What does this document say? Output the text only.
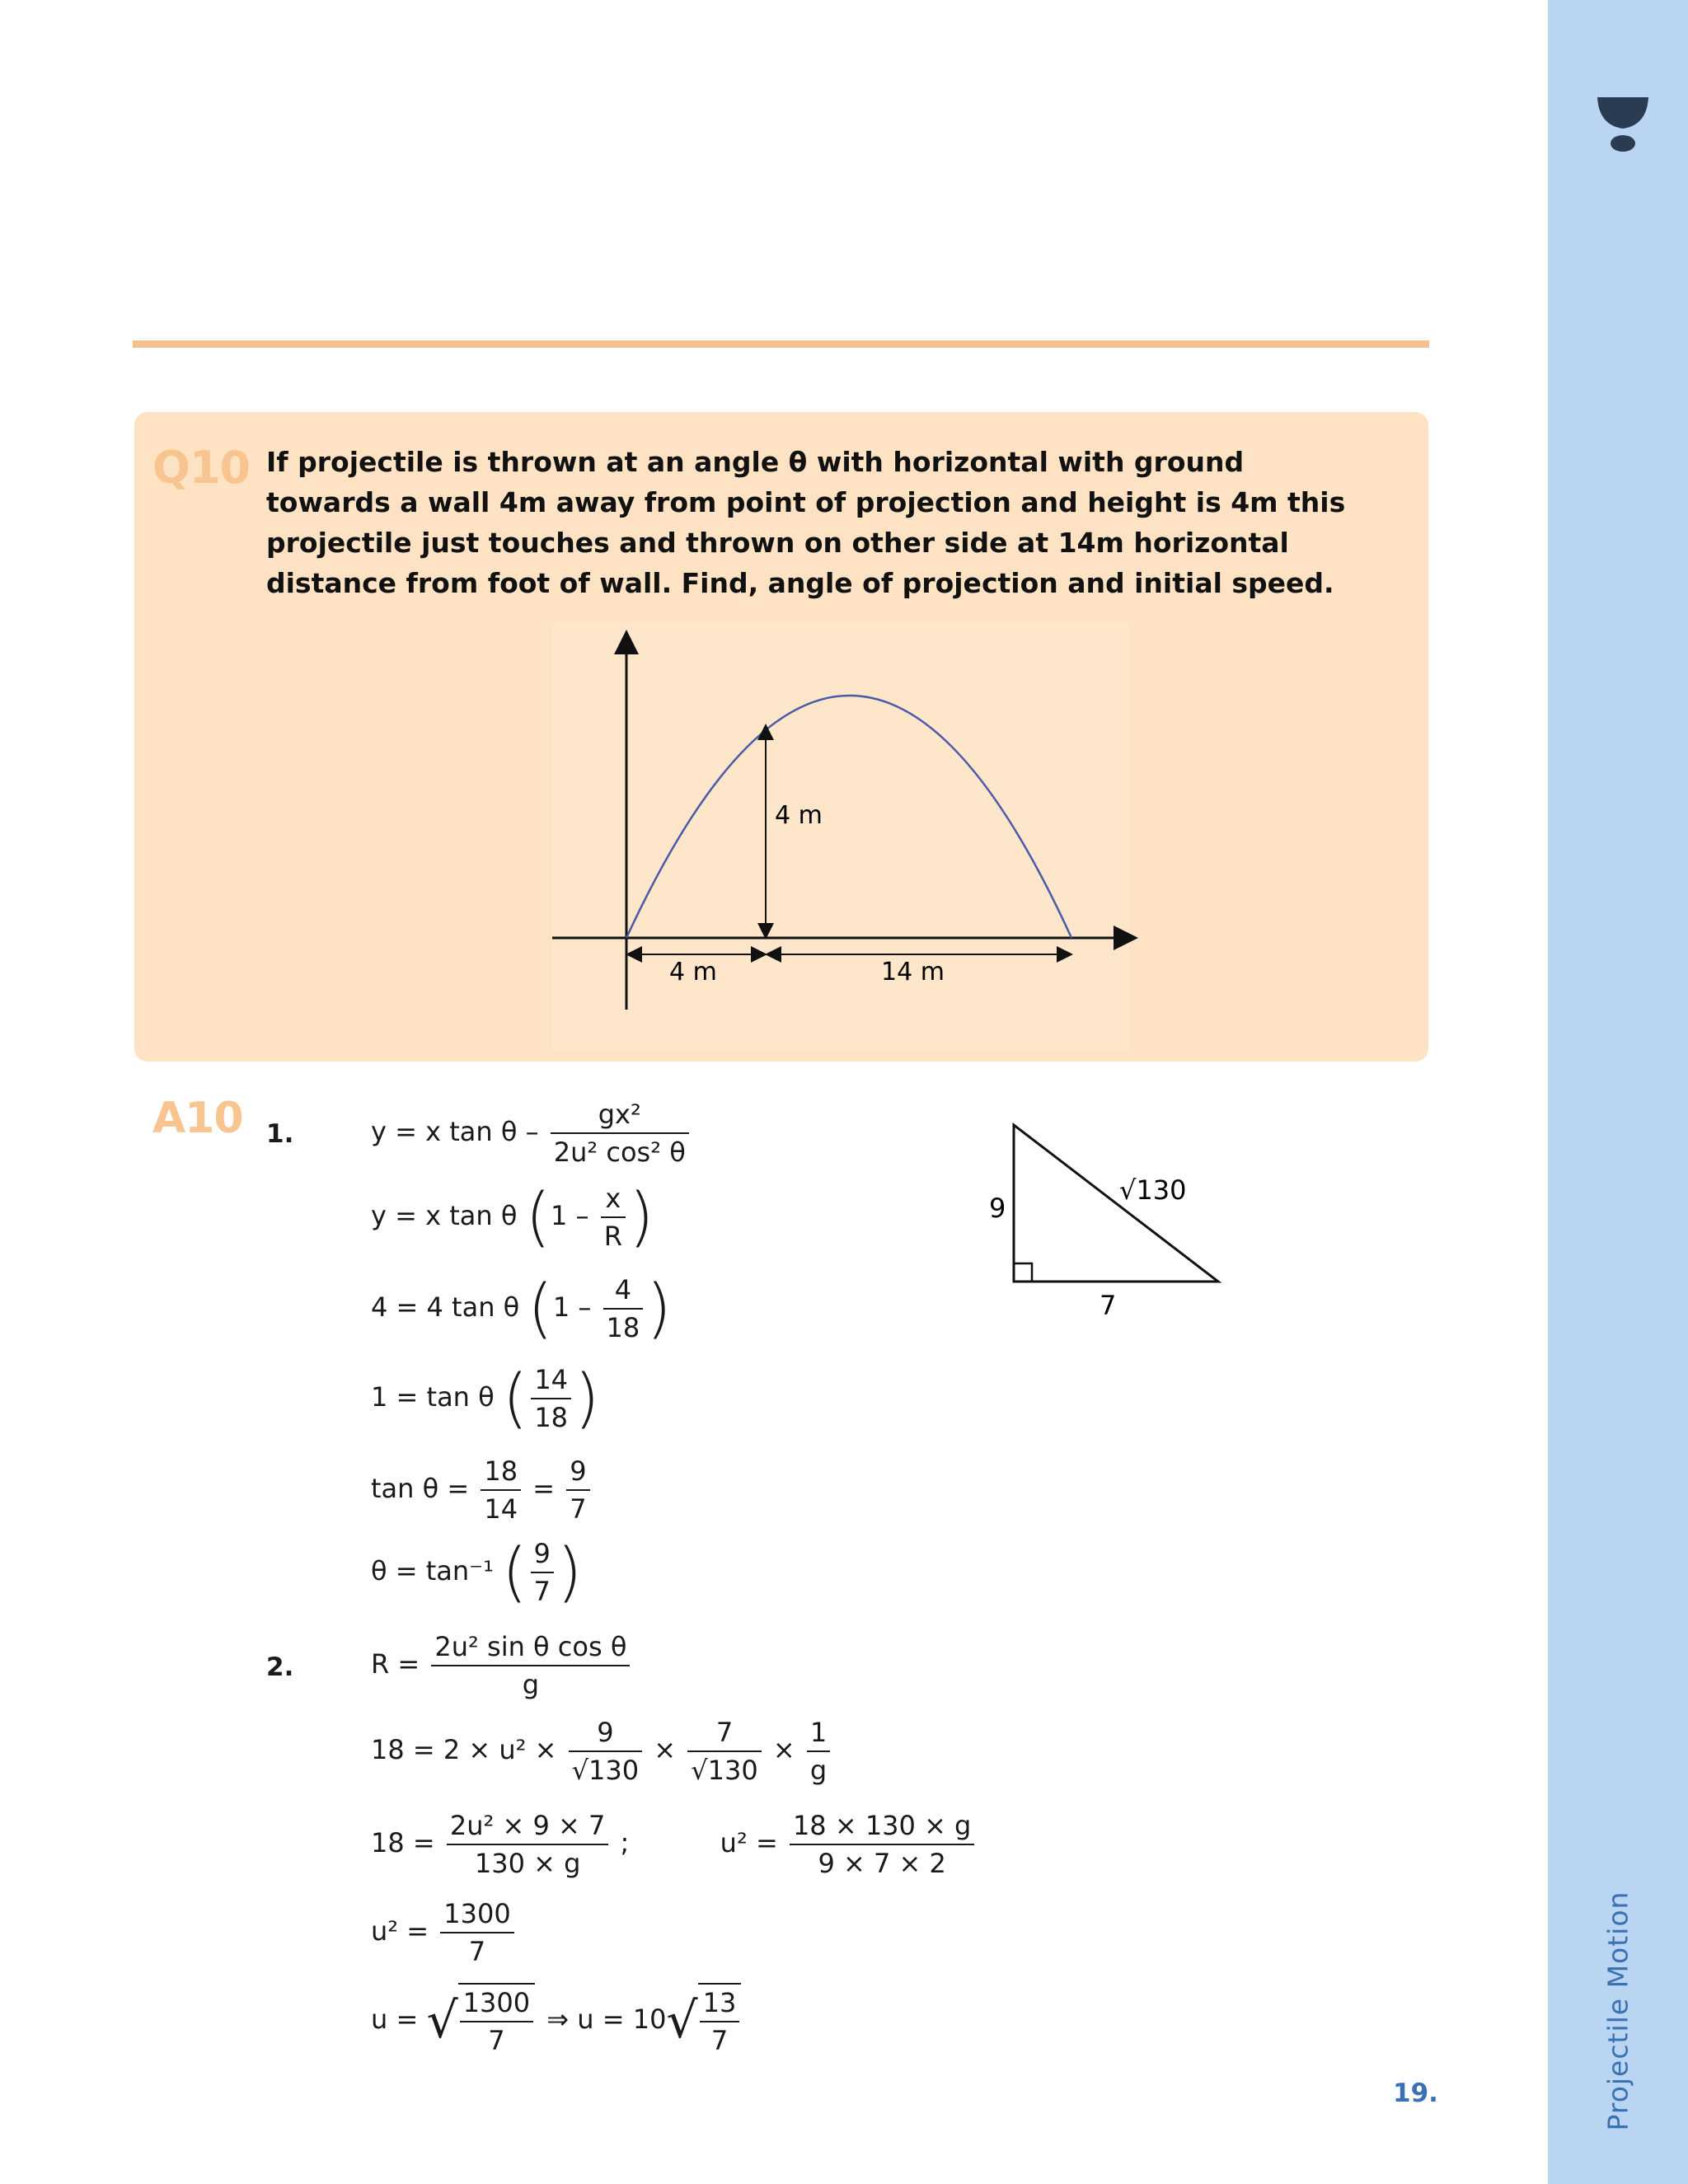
Projectile Motion
Q10 If projectile is thrown at an angle θ with horizontal with ground towards a wall 4m away from point of projection and height is 4m this projectile just touches and thrown on other side at 14m horizontal distance from foot of wall. Find, angle of projection and initial speed.
4 m
4 m	14 m
A10 1.
2.
y = x tan θ – $\frac{\text{gx²}}{\text{2u² cos² θ}}$
y = x tan θ ($1 - \frac{x}{R}$ )
4 = 4 tan θ ($1 - \frac{4}{18}$ )
1 = tan θ ( $\frac{14}{18}$ )
$\tan \theta = \frac{18}{14} = \frac{9}{7}$
θ = tan⁻¹ ( $\frac{9}{7}$ )
$R = \frac{\text{2u² sin θ cos θ}}{g}$
$18 = 2 \times u^2 \times \frac{9}{√130} \times \frac{7}{√130} \times \frac{1}{g}$
$18 = \frac{\text{2u² × 9 × 7}}{130 \times g}$ ;	$u^2 = \frac{18 \times 130 \times g}{9 \times 7 \times 2}$
$u^2 = \frac{1300}{7}$
u = √ $\frac{1300}{7}$ ⇒ $u = 10√ \frac{13}{7}$
9
7
√130
19.
